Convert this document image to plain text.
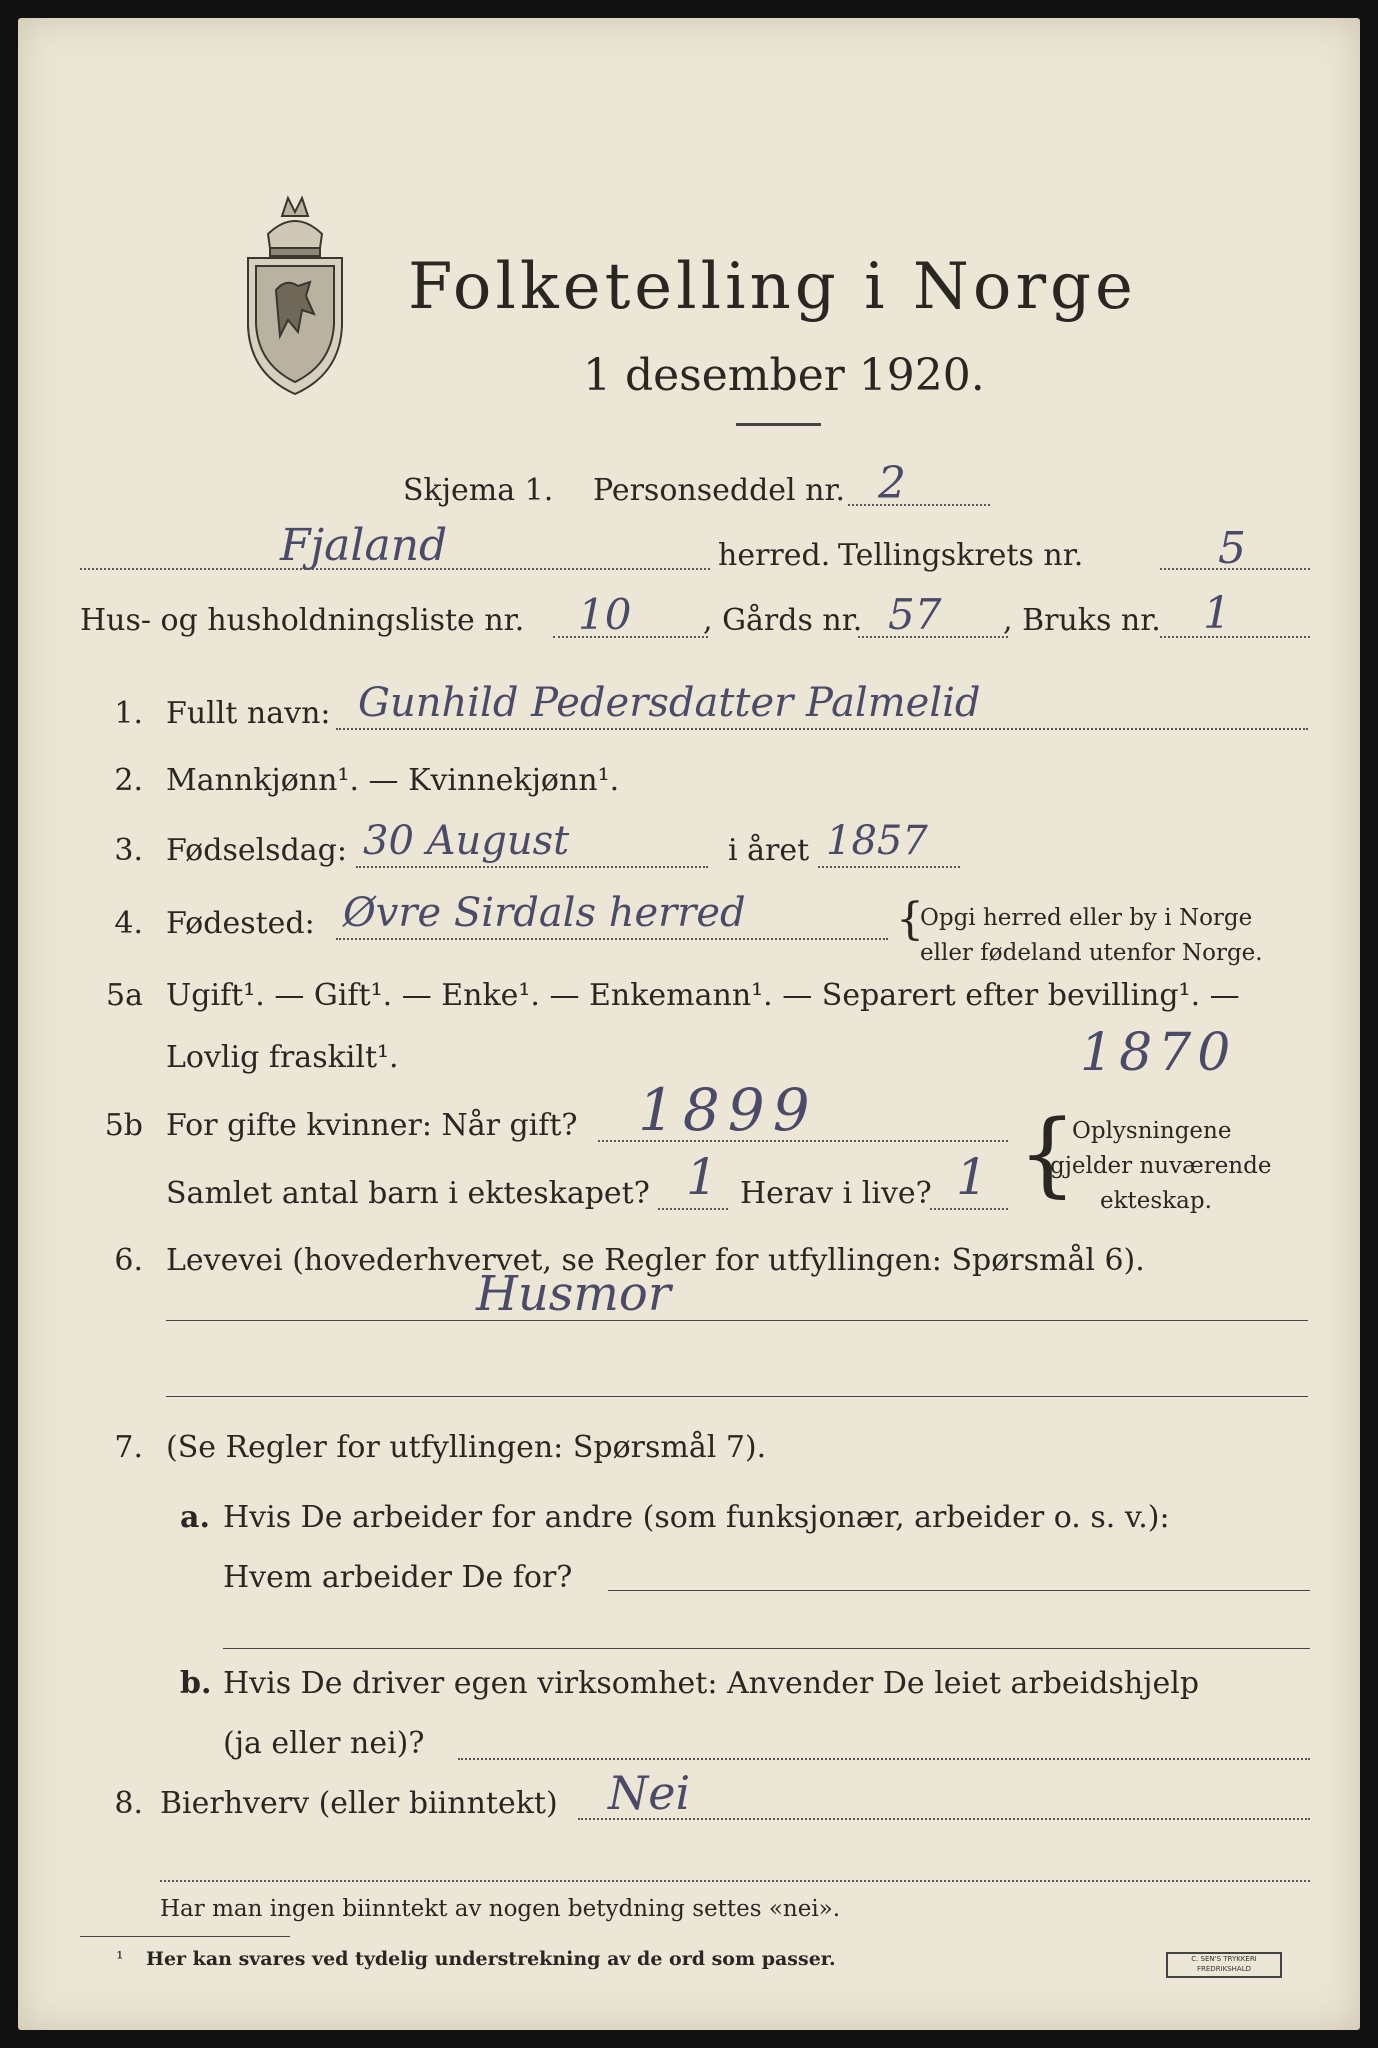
Folketelling i Norge
1 desember 1920.
Skjema 1. Personseddel nr. 2
Fjaland	herred. Tellingskrets nr.	5
Hus- og husholdningsliste nr. 10 , Gårds nr. 57 , Bruks nr. 1
1. Fullt navn: Gunhild Pedersdatter Palmelid
2. Mannkjønn¹. — Kvinnekjønn¹.
3. Fødselsdag: 30 August	i året 1857
4. Fødested: Øvre Sirdals herred	{
Opgi herred eller by i Norge
eller fødeland utenfor Norge.
5a Ugift¹. — Gift¹. — Enke¹. — Enkemann¹. — Separert efter bevilling¹. —
Lovlig fraskilt¹.	1870
5b For gifte kvinner: Når gift? 1899
Samlet antal barn i ekteskapet? 1 Herav i live? 1 {
Oplysningene
gjelder nuværende
ekteskap.
6. Levevei (hovederhvervet, se Regler for utfyllingen: Spørsmål 6).
Husmor
7. (Se Regler for utfyllingen: Spørsmål 7).
a. Hvis De arbeider for andre (som funksjonær, arbeider o. s. v.):
Hvem arbeider De for?
b. Hvis De driver egen virksomhet: Anvender De leiet arbeidshjelp
(ja eller nei)?
8. Bierhverv (eller biinntekt) Nei
Har man ingen biinntekt av nogen betydning settes «nei».
¹ Her kan svares ved tydelig understrekning av de ord som passer.	C. SEN'S TRYKKERI FREDRIKSHALD
